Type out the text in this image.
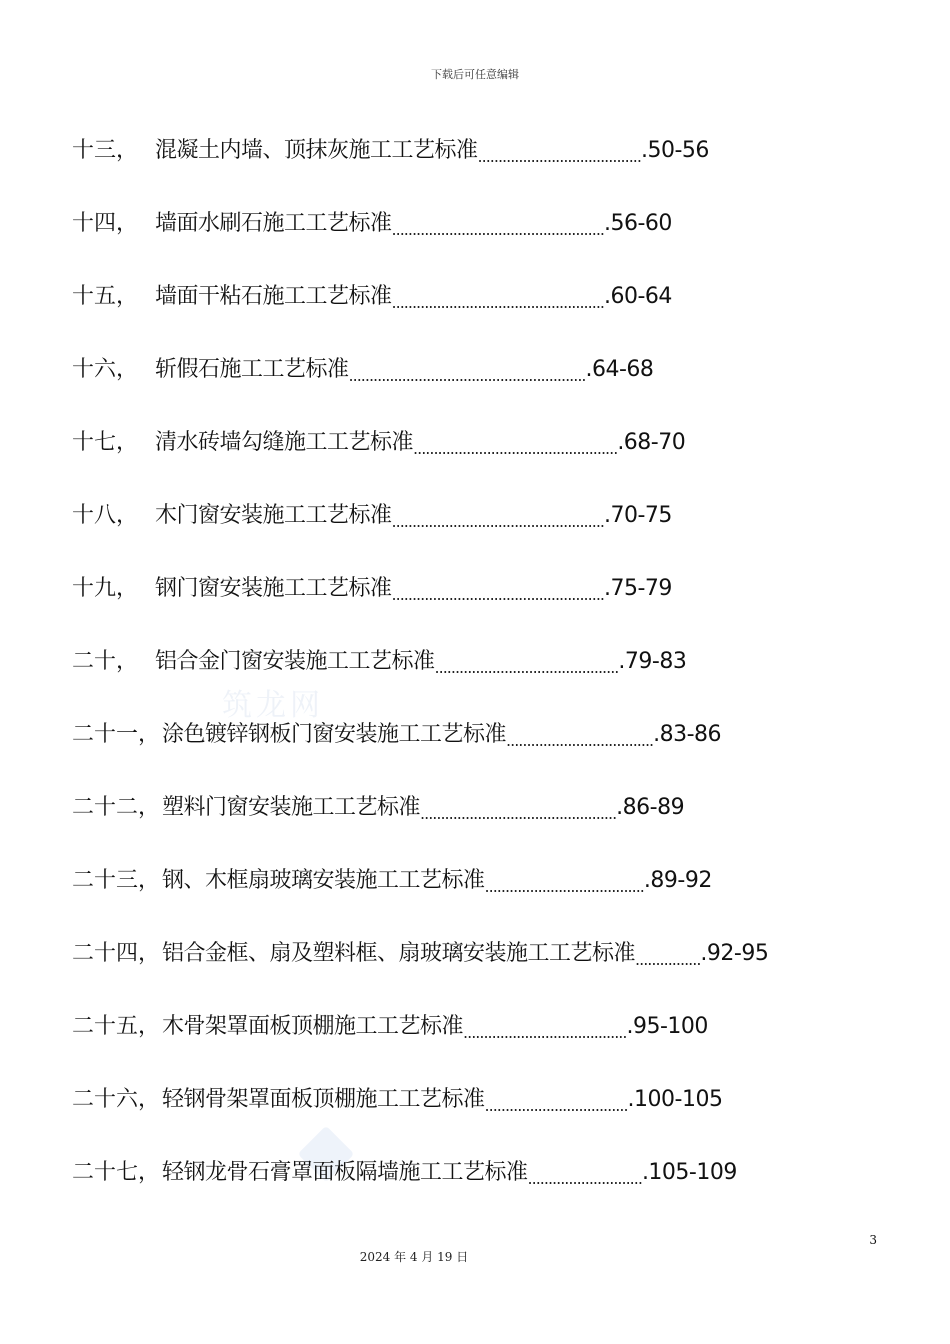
下载后可任意编辑
筑龙网
十三， 混凝土内墙、顶抹灰施工工艺标准 ........................................ .50-56
十四， 墙面水刷石施工工艺标准 .................................................... .56-60
十五， 墙面干粘石施工工艺标准 .................................................... .60-64
十六， 斩假石施工工艺标准 .......................................................... .64-68
十七， 清水砖墙勾缝施工工艺标准 .................................................. .68-70
十八， 木门窗安装施工工艺标准 .................................................... .70-75
十九， 钢门窗安装施工工艺标准 .................................................... .75-79
二十， 铝合金门窗安装施工工艺标准 ............................................. .79-83
二十一， 涂色镀锌钢板门窗安装施工工艺标准 .................................... .83-86
二十二， 塑料门窗安装施工工艺标准 ................................................ .86-89
二十三， 钢、木框扇玻璃安装施工工艺标准 ....................................... .89-92
二十四， 铝合金框、扇及塑料框、扇玻璃安装施工工艺标准 ................ .92-95
二十五， 木骨架罩面板顶棚施工工艺标准 ........................................ .95-100
二十六， 轻钢骨架罩面板顶棚施工工艺标准 ................................... .100-105
二十七， 轻钢龙骨石膏罩面板隔墙施工工艺标准 ............................ .105-109
3
2024 年 4 月 19 日
